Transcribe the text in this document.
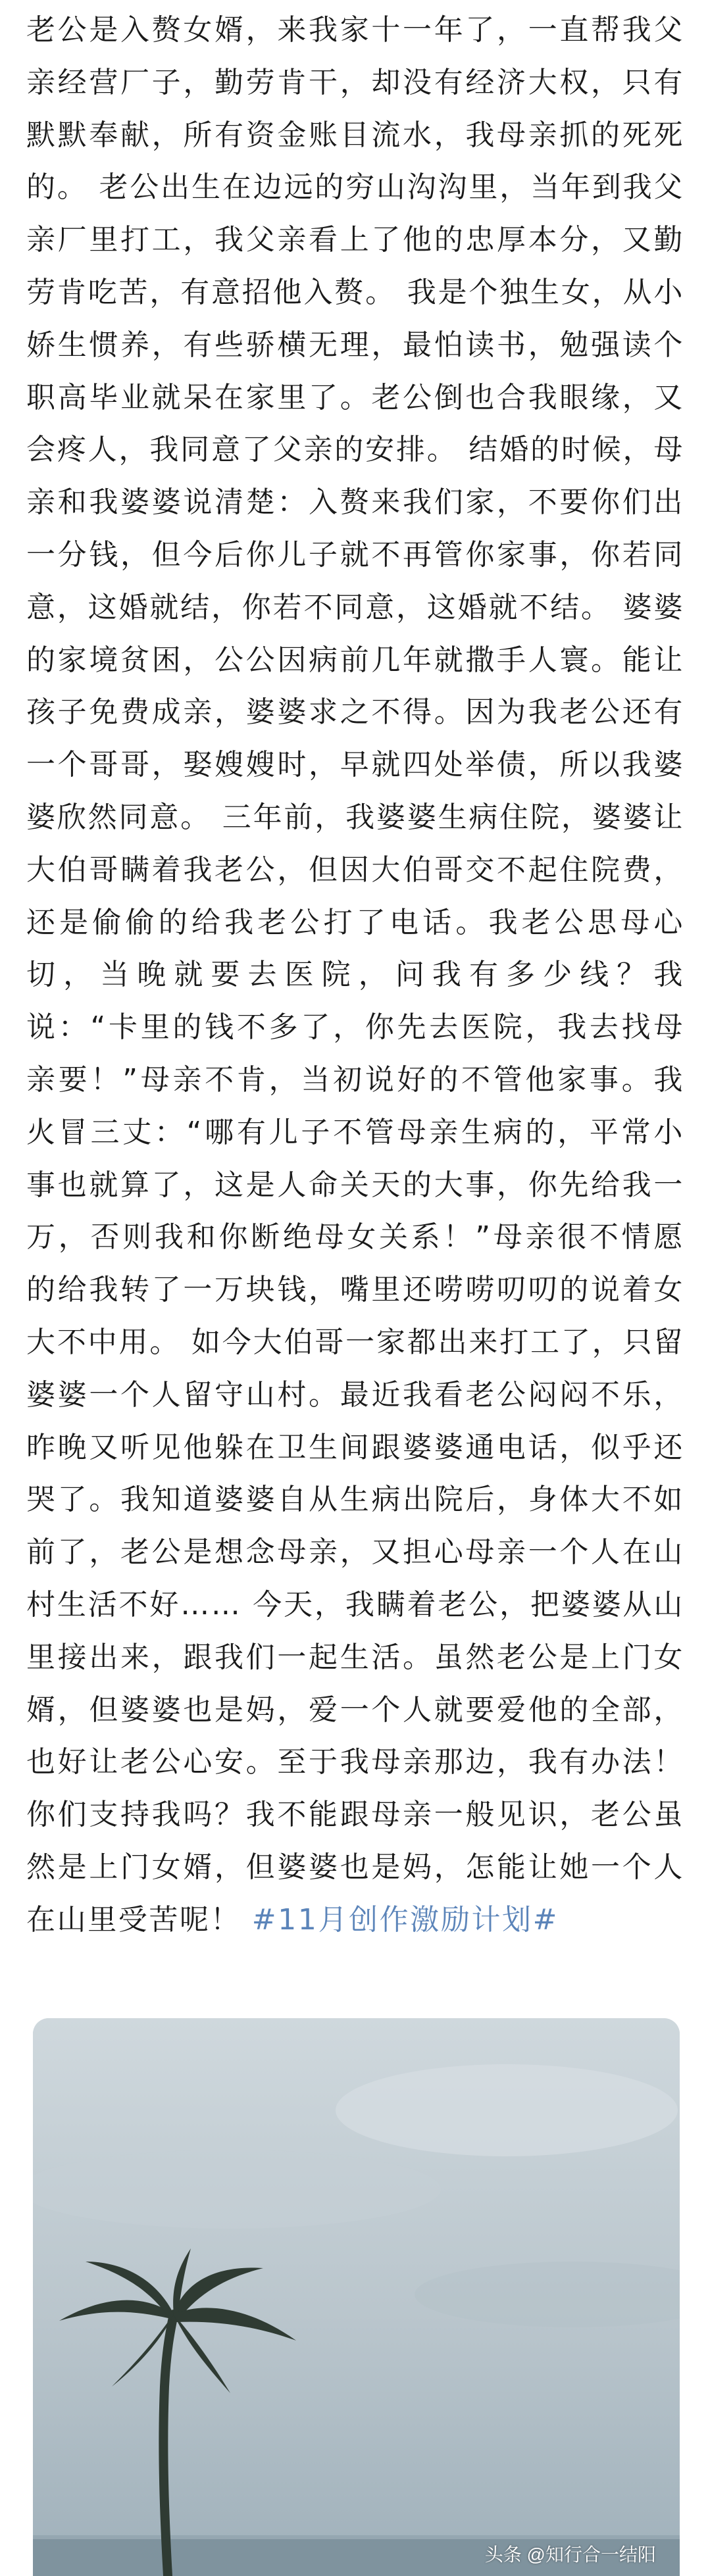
老公是入赘女婿，来我家十一年了，一直帮我父亲经营厂子，勤劳肯干，却没有经济大权，只有默默奉献，所有资金账目流水，我母亲抓的死死的。 老公出生在边远的穷山沟沟里，当年到我父亲厂里打工，我父亲看上了他的忠厚本分，又勤劳肯吃苦，有意招他入赘。 我是个独生女，从小娇生惯养，有些骄横无理，最怕读书，勉强读个职高毕业就呆在家里了。老公倒也合我眼缘，又会疼人，我同意了父亲的安排。 结婚的时候，母亲和我婆婆说清楚：入赘来我们家，不要你们出一分钱，但今后你儿子就不再管你家事，你若同意，这婚就结，你若不同意，这婚就不结。 婆婆的家境贫困，公公因病前几年就撒手人寰。能让孩子免费成亲，婆婆求之不得。因为我老公还有一个哥哥，娶嫂嫂时，早就四处举债，所以我婆婆欣然同意。 三年前，我婆婆生病住院，婆婆让大伯哥瞒着我老公，但因大伯哥交不起住院费，还是偷偷的给我老公打了电话。我老公思母心切，当晚就要去医院，问我有多少线？我说：“卡里的钱不多了，你先去医院，我去找母亲要！”母亲不肯，当初说好的不管他家事。我火冒三丈：“哪有儿子不管母亲生病的，平常小事也就算了，这是人命关天的大事，你先给我一万，否则我和你断绝母女关系！”母亲很不情愿的给我转了一万块钱，嘴里还唠唠叨叨的说着女大不中用。 如今大伯哥一家都出来打工了，只留婆婆一个人留守山村。最近我看老公闷闷不乐，昨晚又听见他躲在卫生间跟婆婆通电话，似乎还哭了。我知道婆婆自从生病出院后，身体大不如前了，老公是想念母亲，又担心母亲一个人在山村生活不好…… 今天，我瞒着老公，把婆婆从山里接出来，跟我们一起生活。虽然老公是上门女婿，但婆婆也是妈，爱一个人就要爱他的全部，也好让老公心安。至于我母亲那边，我有办法！你们支持我吗？我不能跟母亲一般见识，老公虽然是上门女婿，但婆婆也是妈，怎能让她一个人在山里受苦呢！ #11月创作激励计划#

头条 @知行合一结阳
